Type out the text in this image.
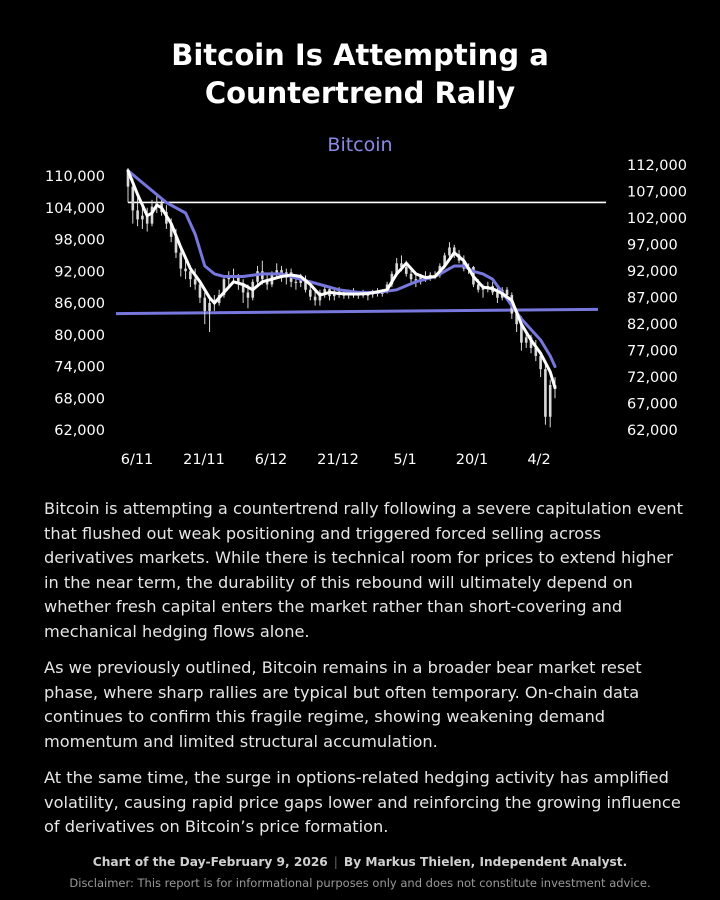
Bitcoin Is Attempting a
Countertrend Rally
Bitcoin
110,000
104,000
98,000
92,000
86,000
80,000
74,000
68,000
62,000
112,000
107,000
102,000
97,000
92,000
87,000
82,000
77,000
72,000
67,000
62,000
6/11 21/11 6/12 21/12 5/1	20/1	4/2

Bitcoin is attempting a countertrend rally following a severe capitulation event that flushed out weak positioning and triggered forced selling across derivatives markets. While there is technical room for prices to extend higher in the near term, the durability of this rebound will ultimately depend on whether fresh capital enters the market rather than short-covering and mechanical hedging flows alone.

As we previously outlined, Bitcoin remains in a broader bear market reset phase, where sharp rallies are typical but often temporary. On-chain data continues to confirm this fragile regime, showing weakening demand momentum and limited structural accumulation.

At the same time, the surge in options-related hedging activity has amplified volatility, causing rapid price gaps lower and reinforcing the growing influence of derivatives on Bitcoin’s price formation.

Chart of the Day-February 9, 2026 | By Markus Thielen, Independent Analyst.
Disclaimer: This report is for informational purposes only and does not constitute investment advice.
